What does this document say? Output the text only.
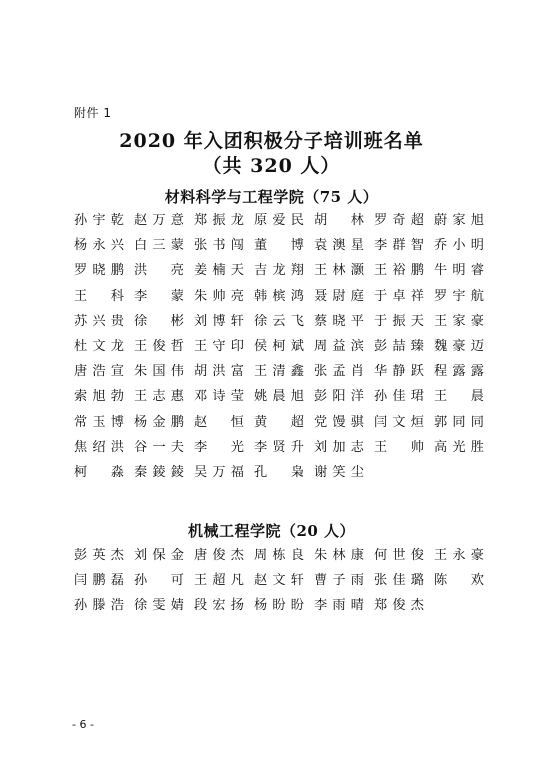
附件 1
2020 年入团积极分子培训班名单
（共 320 人）
材料科学与工程学院（75 人）
孙宇乾 赵万意 郑振龙 原爱民 胡　林 罗奇超 蔚家旭
杨永兴 白三蒙 张书闯 董　博 袁澳星 李群智 乔小明
罗晓鹏 洪　亮 姜楠天 吉龙翔 王林灏 王裕鹏 牛明睿
王　科 李　蒙 朱帅亮 韩槟鸿 聂尉庭 于卓祥 罗宇航
苏兴贵 徐　彬 刘博轩 徐云飞 蔡晓平 于振天 王家豪
杜文龙 王俊哲 王守印 侯柯斌 周益滨 彭喆臻 魏豪迈
唐浩宣 朱国伟 胡洪富 王清鑫 张孟肖 华静跃 程露露
索旭勃 王志惠 邓诗莹 姚晨旭 彭阳洋 孙佳珺 王　晨
常玉博 杨金鹏 赵　恒 黄　超 党馒骐 闫文烜 郭同同
焦绍洪 谷一夫 李　光 李贤升 刘加志 王　帅 高光胜
柯　淼 秦錂錂 吴万福 孔　枭 谢笑尘
机械工程学院（20 人）
彭英杰 刘保金 唐俊杰 周栋良 朱林康 何世俊 王永豪
闫鹏磊 孙　可 王超凡 赵文轩 曹子雨 张佳璐 陈　欢
孙滕浩 徐雯婧 段宏扬 杨盼盼 李雨晴 郑俊杰
- 6 -
